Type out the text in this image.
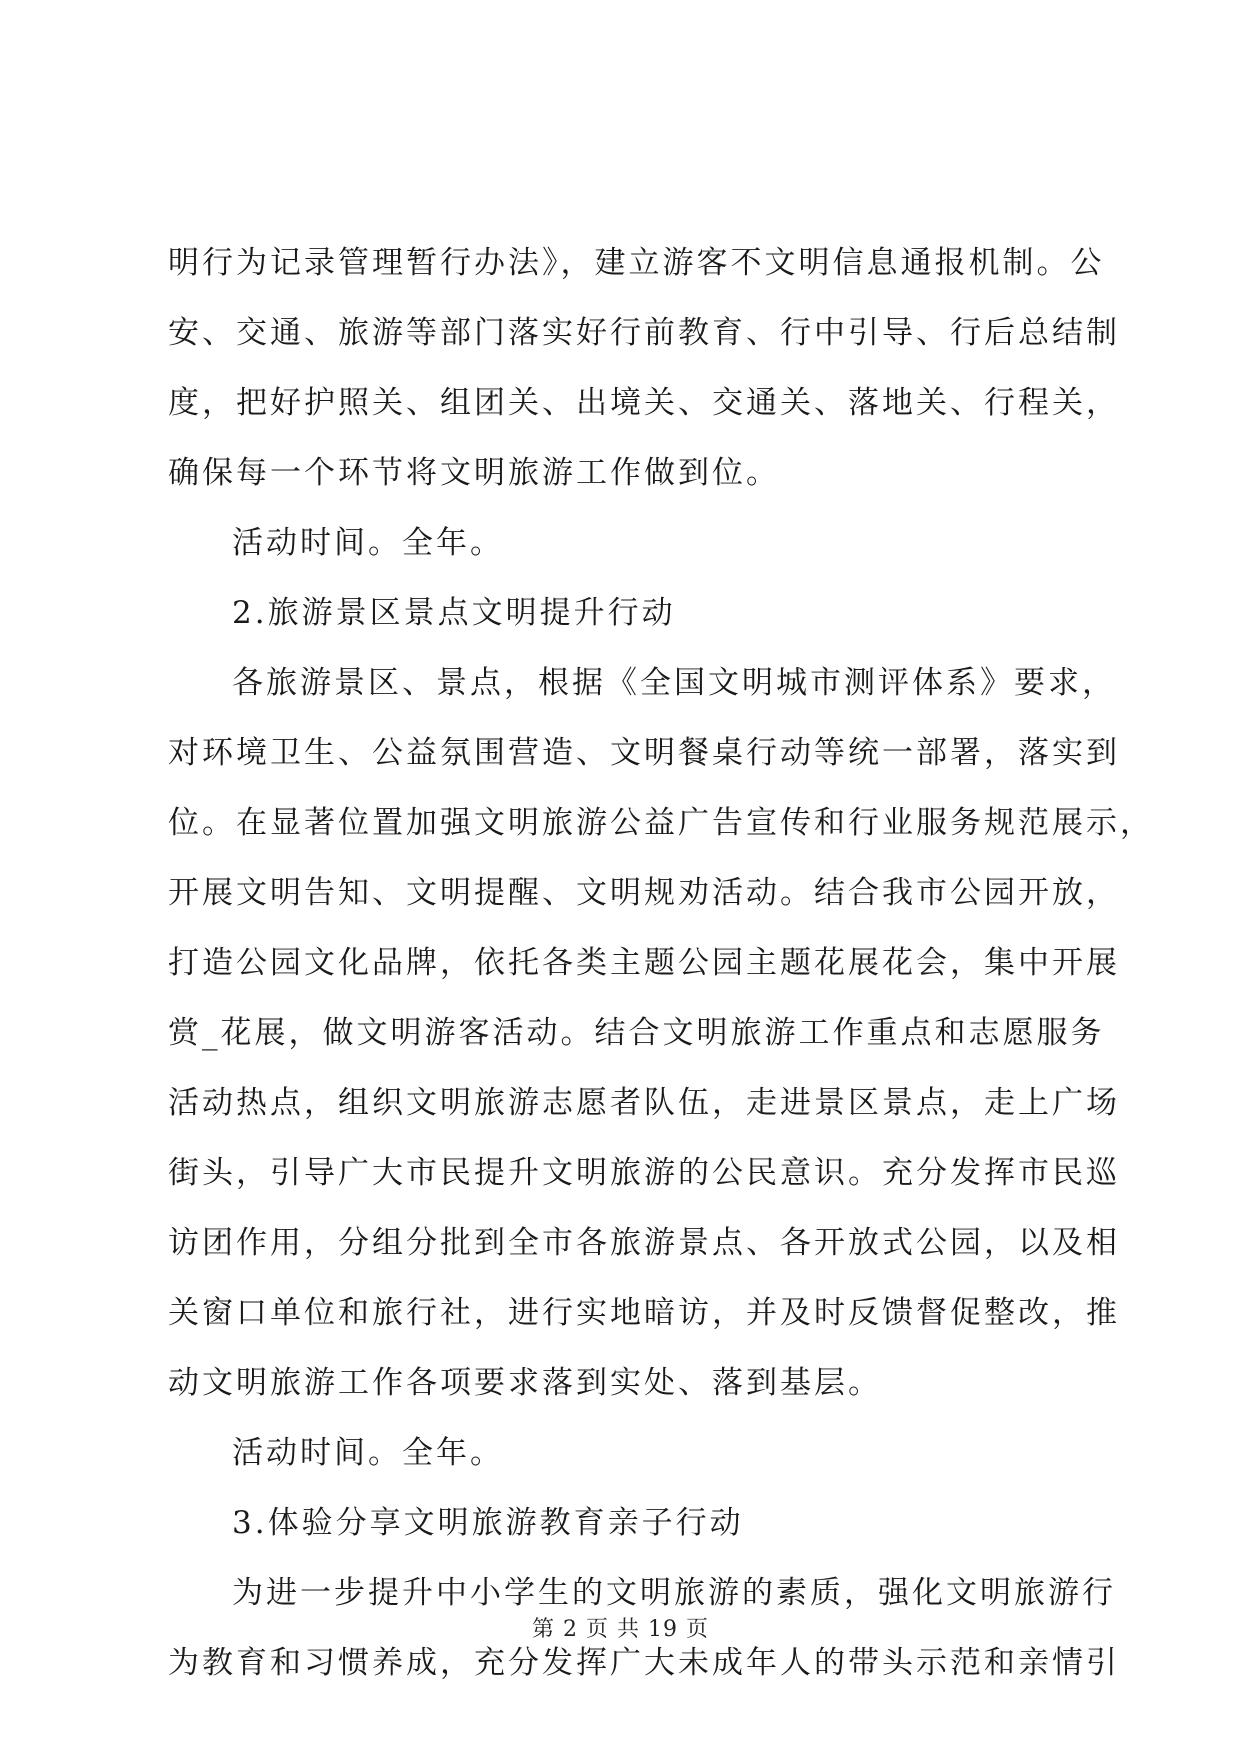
明行为记录管理暂行办法》，建立游客不文明信息通报机制。公
安、交通、旅游等部门落实好行前教育、行中引导、行后总结制
度，把好护照关、组团关、出境关、交通关、落地关、行程关，
确保每一个环节将文明旅游工作做到位。
活动时间。全年。
2.旅游景区景点文明提升行动
各旅游景区、景点，根据《全国文明城市测评体系》要求，
对环境卫生、公益氛围营造、文明餐桌行动等统一部署，落实到
位。在显著位置加强文明旅游公益广告宣传和行业服务规范展示，
开展文明告知、文明提醒、文明规劝活动。结合我市公园开放，
打造公园文化品牌，依托各类主题公园主题花展花会，集中开展
赏_花展，做文明游客活动。结合文明旅游工作重点和志愿服务
活动热点，组织文明旅游志愿者队伍，走进景区景点，走上广场
街头，引导广大市民提升文明旅游的公民意识。充分发挥市民巡
访团作用，分组分批到全市各旅游景点、各开放式公园，以及相
关窗口单位和旅行社，进行实地暗访，并及时反馈督促整改，推
动文明旅游工作各项要求落到实处、落到基层。
活动时间。全年。
3.体验分享文明旅游教育亲子行动
为进一步提升中小学生的文明旅游的素质，强化文明旅游行
为教育和习惯养成，充分发挥广大未成年人的带头示范和亲情引
第 2 页 共 19 页
